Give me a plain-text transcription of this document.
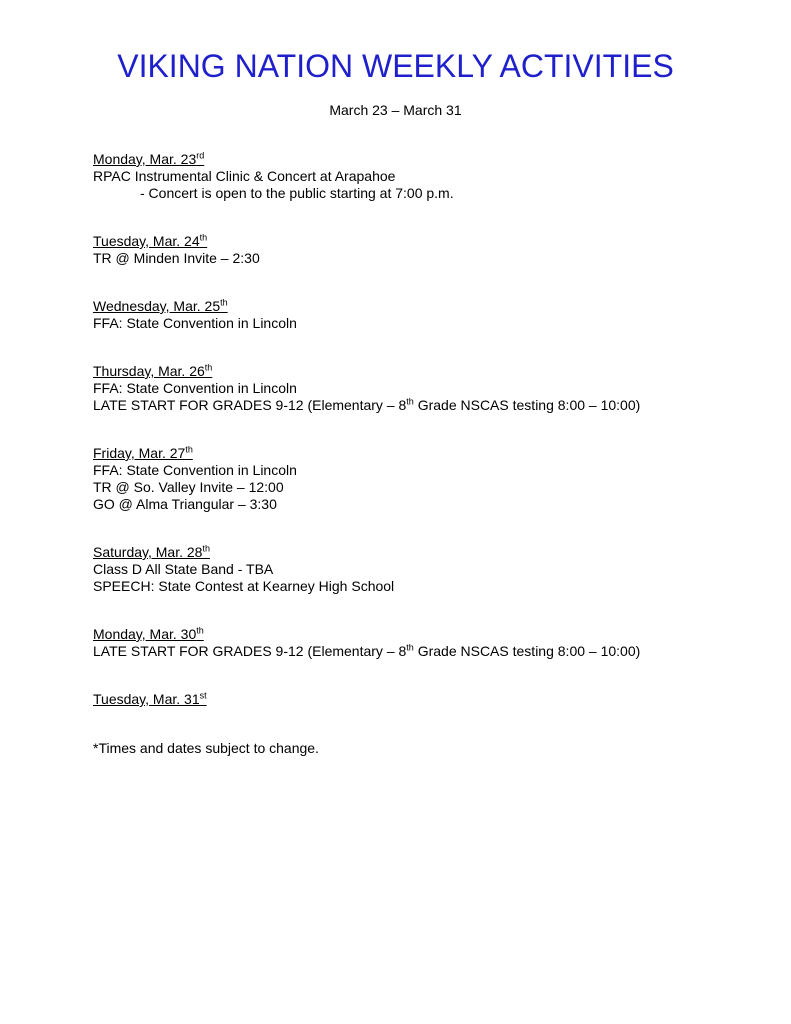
VIKING NATION WEEKLY ACTIVITIES
March 23 – March 31
Monday, Mar. 23rd
RPAC Instrumental Clinic & Concert at Arapahoe
- Concert is open to the public starting at 7:00 p.m.
Tuesday, Mar. 24th
TR @ Minden Invite – 2:30
Wednesday, Mar. 25th
FFA: State Convention in Lincoln
Thursday, Mar. 26th
FFA: State Convention in Lincoln
LATE START FOR GRADES 9-12 (Elementary – 8th Grade NSCAS testing 8:00 – 10:00)
Friday, Mar. 27th
FFA: State Convention in Lincoln
TR @ So. Valley Invite – 12:00
GO @ Alma Triangular – 3:30
Saturday, Mar. 28th
Class D All State Band - TBA
SPEECH: State Contest at Kearney High School
Monday, Mar. 30th
LATE START FOR GRADES 9-12 (Elementary – 8th Grade NSCAS testing 8:00 – 10:00)
Tuesday, Mar. 31st
*Times and dates subject to change.
